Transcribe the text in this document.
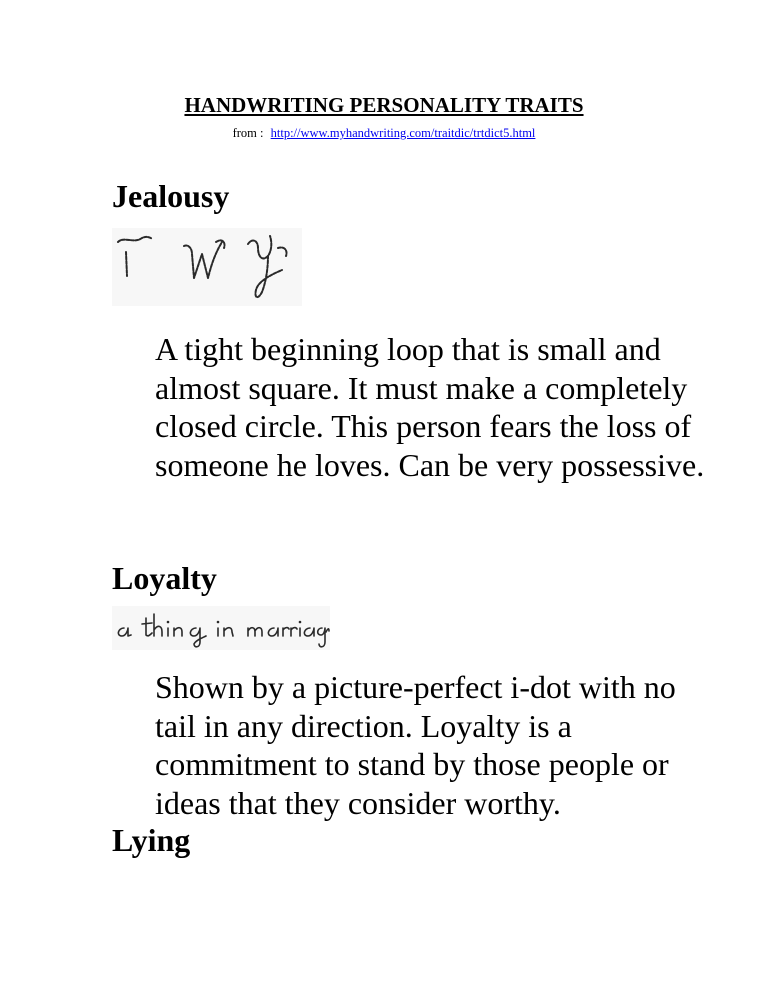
HANDWRITING PERSONALITY TRAITS
from : http://www.myhandwriting.com/traitdic/trtdict5.html
Jealousy

A tight beginning loop that is small and almost square. It must make a completely closed circle. This person fears the loss of someone he loves. Can be very possessive.

Loyalty

Shown by a picture-perfect i-dot with no tail in any direction. Loyalty is a commitment to stand by those people or ideas that they consider worthy.

Lying
